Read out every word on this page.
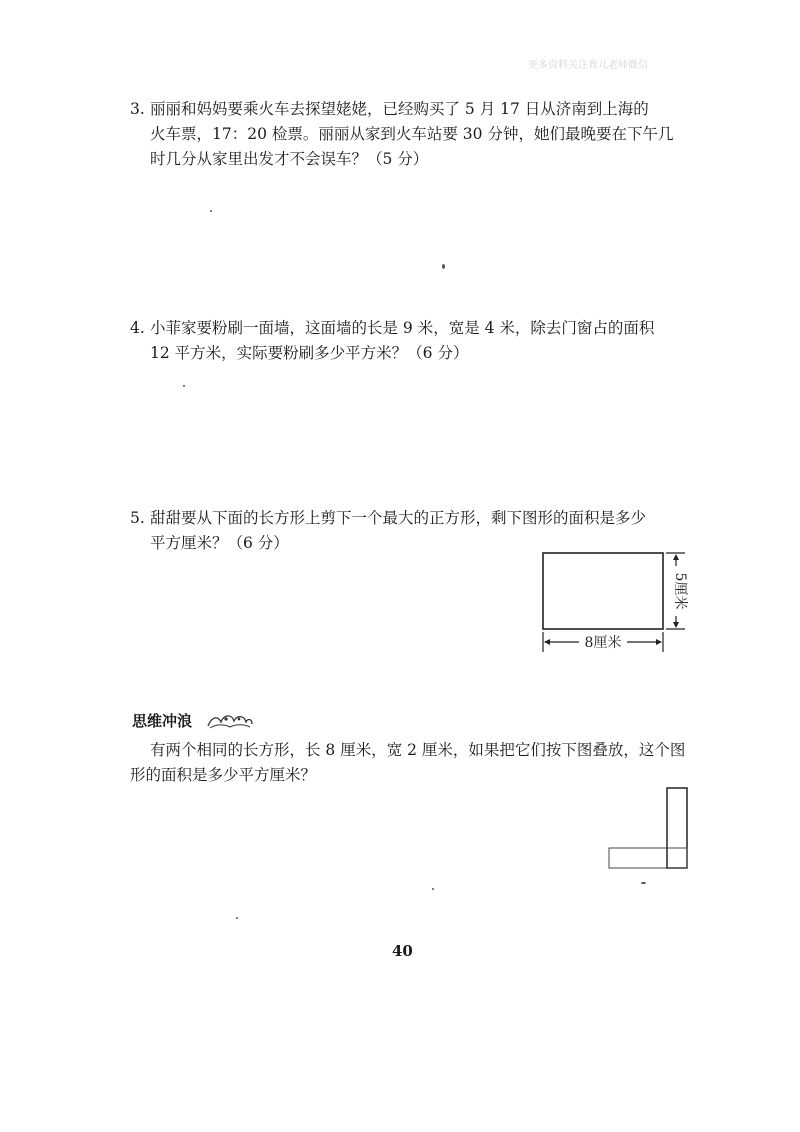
更多资料关注育儿老师微信
3. 丽丽和妈妈要乘火车去探望姥姥，已经购买了 5 月 17 日从济南到上海的
火车票，17：20 检票。丽丽从家到火车站要 30 分钟，她们最晚要在下午几
时几分从家里出发才不会误车？（5 分）
4. 小菲家要粉刷一面墙，这面墙的长是 9 米，宽是 4 米，除去门窗占的面积
12 平方米，实际要粉刷多少平方米？（6 分）
5. 甜甜要从下面的长方形上剪下一个最大的正方形，剩下图形的面积是多少
平方厘米？（6 分）
8厘米
5厘米
思维冲浪
有两个相同的长方形，长 8 厘米，宽 2 厘米，如果把它们按下图叠放，这个图
形的面积是多少平方厘米？
40
